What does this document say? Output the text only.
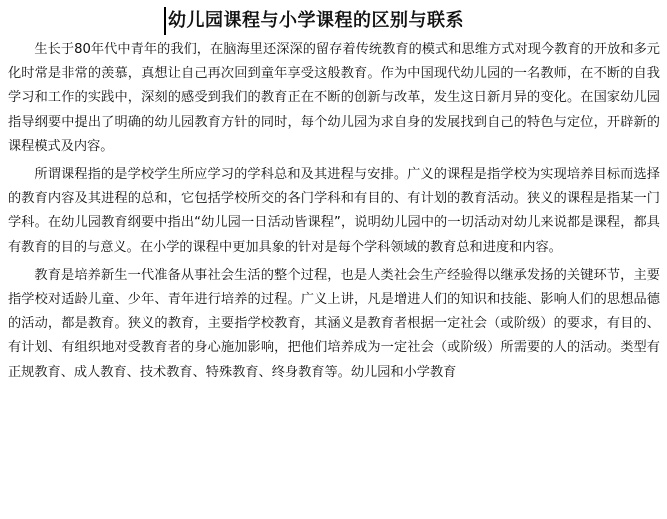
幼儿园课程与小学课程的区别与联系

生长于80年代中青年的我们，在脑海里还深深的留存着传统教育的模式和思维方式对现今教育的开放和多元化时常是非常的羡慕，真想让自己再次回到童年享受这般教育。作为中国现代幼儿园的一名教师，在不断的自我学习和工作的实践中，深刻的感受到我们的教育正在不断的创新与改革，发生这日新月异的变化。在国家幼儿园指导纲要中提出了明确的幼儿园教育方针的同时，每个幼儿园为求自身的发展找到自己的特色与定位，开辟新的课程模式及内容。

所谓课程指的是学校学生所应学习的学科总和及其进程与安排。广义的课程是指学校为实现培养目标而选择的教育内容及其进程的总和，它包括学校所交的各门学科和有目的、有计划的教育活动。狭义的课程是指某一门学科。在幼儿园教育纲要中指出“幼儿园一日活动皆课程”，说明幼儿园中的一切活动对幼儿来说都是课程，都具有教育的目的与意义。在小学的课程中更加具象的针对是每个学科领域的教育总和进度和内容。

教育是培养新生一代准备从事社会生活的整个过程，也是人类社会生产经验得以继承发扬的关键环节，主要指学校对适龄儿童、少年、青年进行培养的过程。广义上讲，凡是增进人们的知识和技能、影响人们的思想品德的活动，都是教育。狭义的教育，主要指学校教育，其涵义是教育者根据一定社会（或阶级）的要求，有目的、有计划、有组织地对受教育者的身心施加影响，把他们培养成为一定社会（或阶级）所需要的人的活动。类型有正规教育、成人教育、技术教育、特殊教育、终身教育等。幼儿园和小学教育
